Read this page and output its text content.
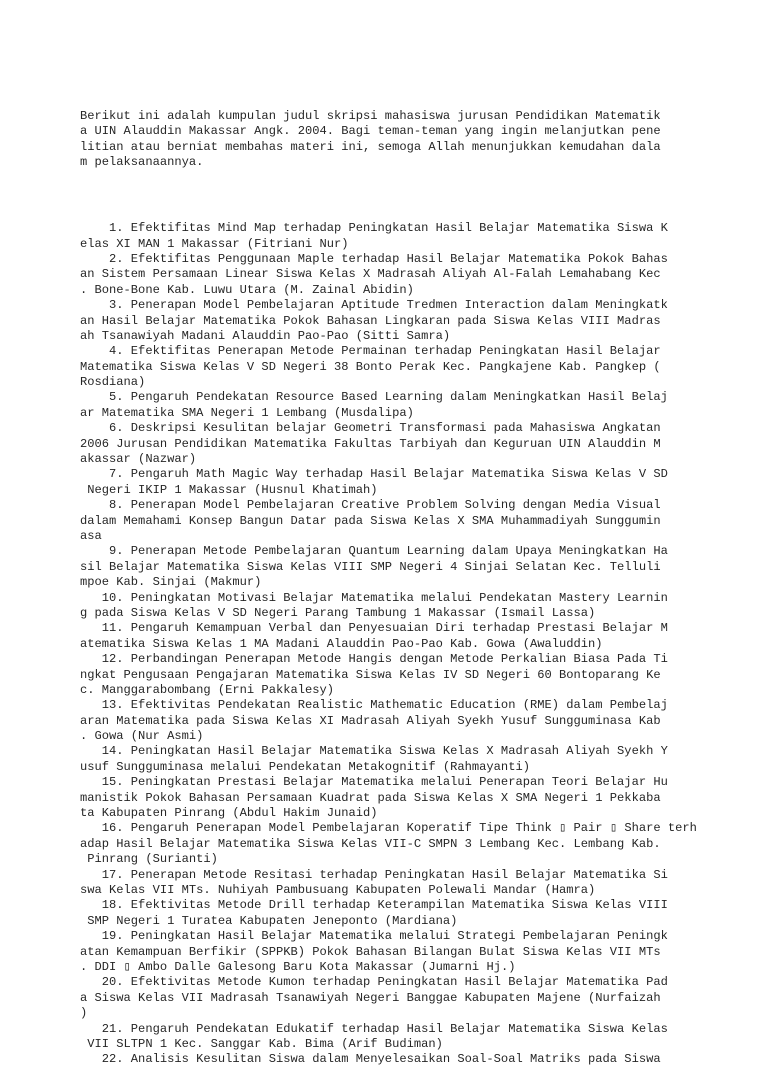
Berikut ini adalah kumpulan judul skripsi mahasiswa jurusan Pendidikan Matematik
a UIN Alauddin Makassar Angk. 2004. Bagi teman-teman yang ingin melanjutkan pene
litian atau berniat membahas materi ini, semoga Allah menunjukkan kemudahan dala
m pelaksanaannya.

1. Efektifitas Mind Map terhadap Peningkatan Hasil Belajar Matematika Siswa K
elas XI MAN 1 Makassar (Fitriani Nur)
2. Efektifitas Penggunaan Maple terhadap Hasil Belajar Matematika Pokok Bahas
an Sistem Persamaan Linear Siswa Kelas X Madrasah Aliyah Al-Falah Lemahabang Kec
. Bone-Bone Kab. Luwu Utara (M. Zainal Abidin)
3. Penerapan Model Pembelajaran Aptitude Tredmen Interaction dalam Meningkatk
an Hasil Belajar Matematika Pokok Bahasan Lingkaran pada Siswa Kelas VIII Madras
ah Tsanawiyah Madani Alauddin Pao-Pao (Sitti Samra)
4. Efektifitas Penerapan Metode Permainan terhadap Peningkatan Hasil Belajar
Matematika Siswa Kelas V SD Negeri 38 Bonto Perak Kec. Pangkajene Kab. Pangkep (
Rosdiana)
5. Pengaruh Pendekatan Resource Based Learning dalam Meningkatkan Hasil Belaj
ar Matematika SMA Negeri 1 Lembang (Musdalipa)
6. Deskripsi Kesulitan belajar Geometri Transformasi pada Mahasiswa Angkatan
2006 Jurusan Pendidikan Matematika Fakultas Tarbiyah dan Keguruan UIN Alauddin M
akassar (Nazwar)
7. Pengaruh Math Magic Way terhadap Hasil Belajar Matematika Siswa Kelas V SD
Negeri IKIP 1 Makassar (Husnul Khatimah)
8. Penerapan Model Pembelajaran Creative Problem Solving dengan Media Visual
dalam Memahami Konsep Bangun Datar pada Siswa Kelas X SMA Muhammadiyah Sunggumin
asa
9. Penerapan Metode Pembelajaran Quantum Learning dalam Upaya Meningkatkan Ha
sil Belajar Matematika Siswa Kelas VIII SMP Negeri 4 Sinjai Selatan Kec. Telluli
mpoe Kab. Sinjai (Makmur)
10. Peningkatan Motivasi Belajar Matematika melalui Pendekatan Mastery Learnin
g pada Siswa Kelas V SD Negeri Parang Tambung 1 Makassar (Ismail Lassa)
11. Pengaruh Kemampuan Verbal dan Penyesuaian Diri terhadap Prestasi Belajar M
atematika Siswa Kelas 1 MA Madani Alauddin Pao-Pao Kab. Gowa (Awaluddin)
12. Perbandingan Penerapan Metode Hangis dengan Metode Perkalian Biasa Pada Ti
ngkat Pengusaan Pengajaran Matematika Siswa Kelas IV SD Negeri 60 Bontoparang Ke
c. Manggarabombang (Erni Pakkalesy)
13. Efektivitas Pendekatan Realistic Mathematic Education (RME) dalam Pembelaj
aran Matematika pada Siswa Kelas XI Madrasah Aliyah Syekh Yusuf Sungguminasa Kab
. Gowa (Nur Asmi)
14. Peningkatan Hasil Belajar Matematika Siswa Kelas X Madrasah Aliyah Syekh Y
usuf Sungguminasa melalui Pendekatan Metakognitif (Rahmayanti)
15. Peningkatan Prestasi Belajar Matematika melalui Penerapan Teori Belajar Hu
manistik Pokok Bahasan Persamaan Kuadrat pada Siswa Kelas X SMA Negeri 1 Pekkaba
ta Kabupaten Pinrang (Abdul Hakim Junaid)
16. Pengaruh Penerapan Model Pembelajaran Koperatif Tipe Think ▯ Pair ▯ Share terh
adap Hasil Belajar Matematika Siswa Kelas VII-C SMPN 3 Lembang Kec. Lembang Kab.
Pinrang (Surianti)
17. Penerapan Metode Resitasi terhadap Peningkatan Hasil Belajar Matematika Si
swa Kelas VII MTs. Nuhiyah Pambusuang Kabupaten Polewali Mandar (Hamra)
18. Efektivitas Metode Drill terhadap Keterampilan Matematika Siswa Kelas VIII
SMP Negeri 1 Turatea Kabupaten Jeneponto (Mardiana)
19. Peningkatan Hasil Belajar Matematika melalui Strategi Pembelajaran Peningk
atan Kemampuan Berfikir (SPPKB) Pokok Bahasan Bilangan Bulat Siswa Kelas VII MTs
. DDI ▯ Ambo Dalle Galesong Baru Kota Makassar (Jumarni Hj.)
20. Efektivitas Metode Kumon terhadap Peningkatan Hasil Belajar Matematika Pad
a Siswa Kelas VII Madrasah Tsanawiyah Negeri Banggae Kabupaten Majene (Nurfaizah
)
21. Pengaruh Pendekatan Edukatif terhadap Hasil Belajar Matematika Siswa Kelas
VII SLTPN 1 Kec. Sanggar Kab. Bima (Arif Budiman)
22. Analisis Kesulitan Siswa dalam Menyelesaikan Soal-Soal Matriks pada Siswa
